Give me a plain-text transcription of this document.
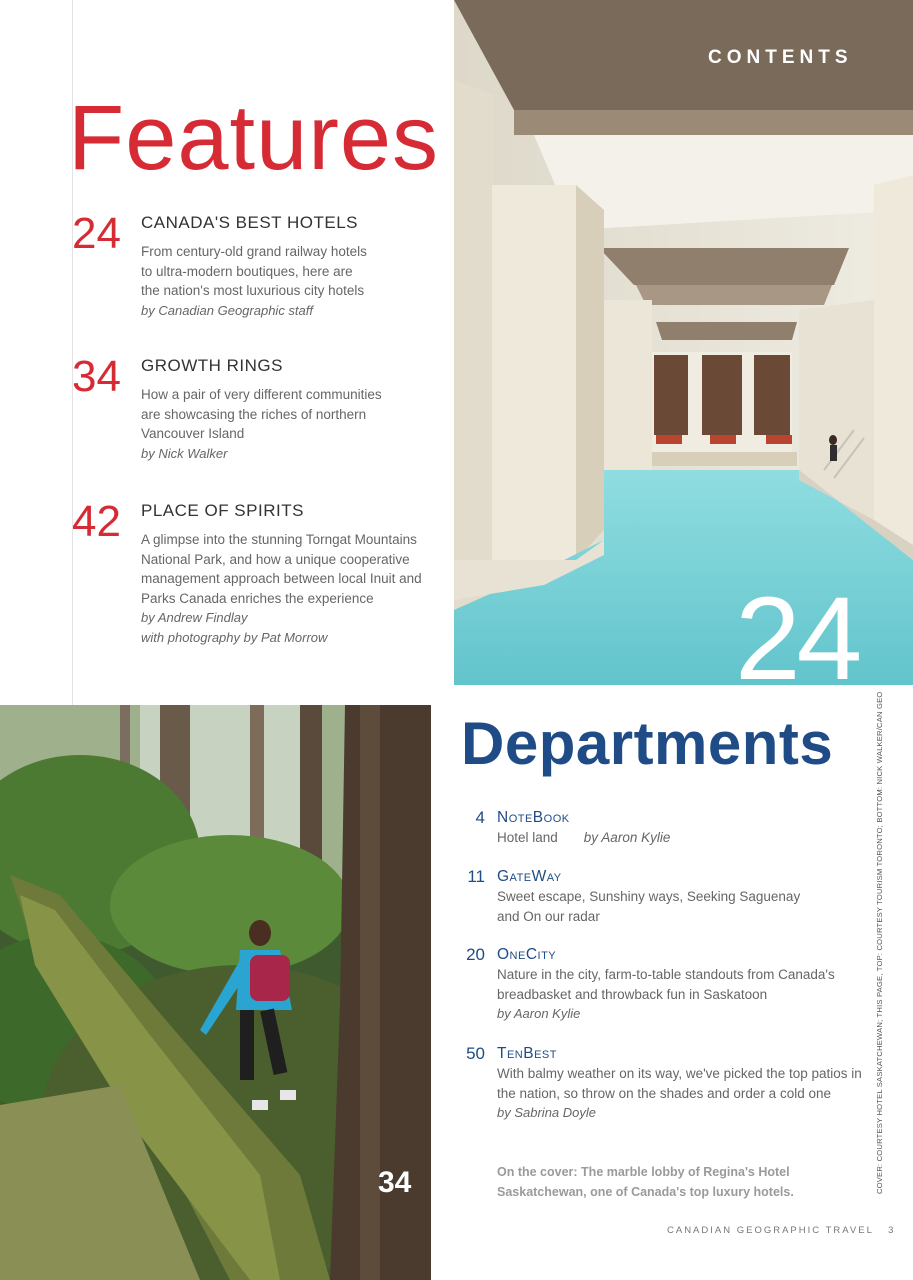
Features
24 CANADA'S BEST HOTELS
From century-old grand railway hotels
to ultra-modern boutiques, here are
the nation's most luxurious city hotels
by Canadian Geographic staff
34 GROWTH RINGS
How a pair of very different communities
are showcasing the riches of northern
Vancouver Island
by Nick Walker
42 PLACE OF SPIRITS
A glimpse into the stunning Torngat Mountains
National Park, and how a unique cooperative
management approach between local Inuit and
Parks Canada enriches the experience
by Andrew Findlay
with photography by Pat Morrow
CONTENTS
24
34
Departments
4 NoteBook
Hotel land by Aaron Kylie
11 GateWay
Sweet escape, Sunshiny ways, Seeking Saguenay
and On our radar
20 OneCity
Nature in the city, farm-to-table standouts from Canada's
breadbasket and throwback fun in Saskatoon
by Aaron Kylie
50 TenBest
With balmy weather on its way, we've picked the top patios in
the nation, so throw on the shades and order a cold one
by Sabrina Doyle
On the cover: The marble lobby of Regina's Hotel
Saskatchewan, one of Canada's top luxury hotels.
CANADIAN GEOGRAPHIC TRAVEL 3
COVER: COURTESY HOTEL SASKATCHEWAN; THIS PAGE, TOP: COURTESY TOURISM TORONTO; BOTTOM: NICK WALKER/CAN GEO
